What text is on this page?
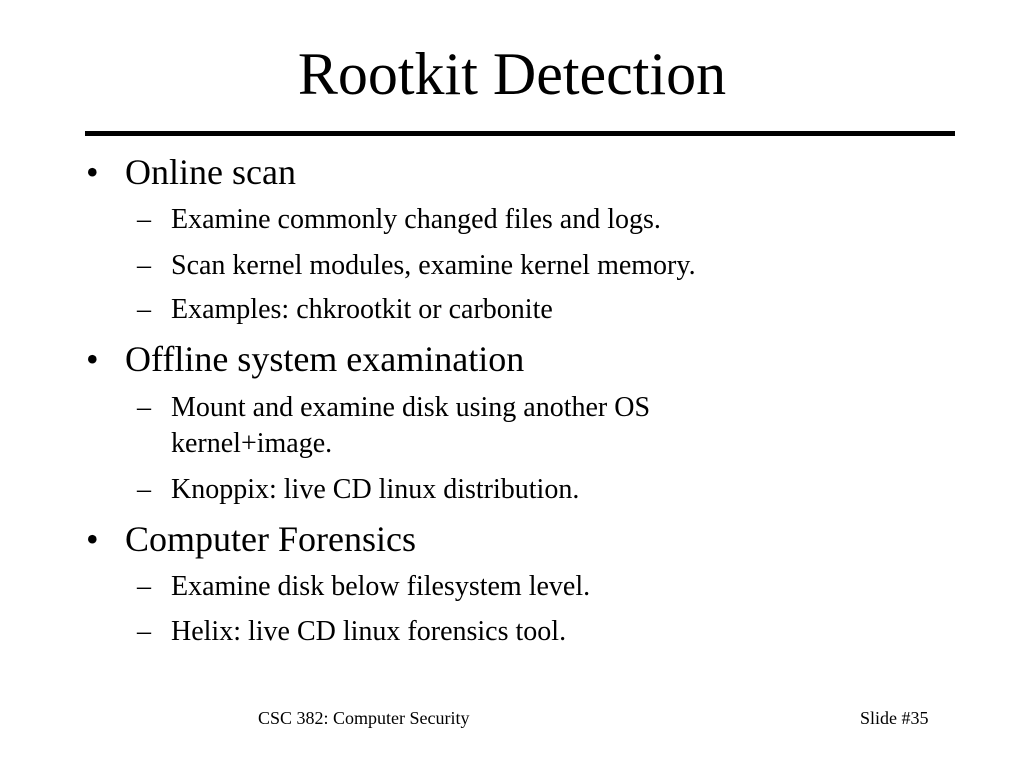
Rootkit Detection
• Online scan
– Examine commonly changed files and logs.
– Scan kernel modules, examine kernel memory.
– Examples: chkrootkit or carbonite
• Offline system examination
– Mount and examine disk using another OS
kernel+image.
– Knoppix: live CD linux distribution.
• Computer Forensics
– Examine disk below filesystem level.
– Helix: live CD linux forensics tool.
CSC 382: Computer Security	Slide #35
